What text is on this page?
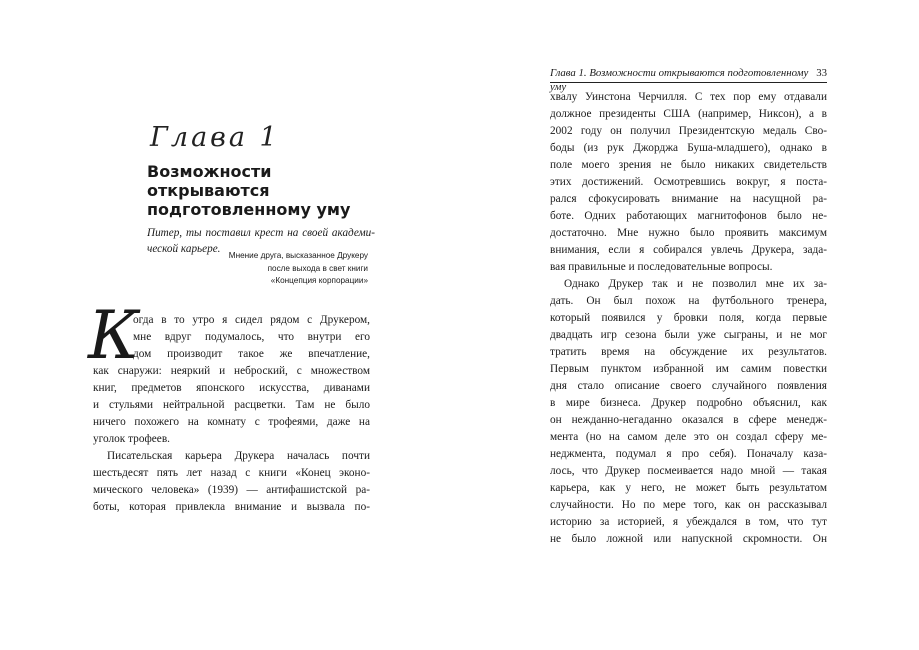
Глава 1
Возможности открываются
подготовленному уму
Питер, ты поставил крест на своей академи-
ческой карьере.
Мнение друга, высказанное Друкеру
после выхода в свет книги
«Концепция корпорации»
К
огда в то утро я сидел рядом с Друкером,
мне вдруг подумалось, что внутри его
дом производит такое же впечатление,
как снаружи: неяркий и неброский, с множеством
книг, предметов японского искусства, диванами
и стульями нейтральной расцветки. Там не было
ничего похожего на комнату с трофеями, даже на
уголок трофеев.
Писательская карьера Друкера началась почти
шестьдесят пять лет назад с книги «Конец эконо-
мического человека» (1939) — антифашистской ра-
боты, которая привлекла внимание и вызвала по-
Глава 1. Возможности открываются подготовленному уму
33
хвалу Уинстона Черчилля. С тех пор ему отдавали
должное президенты США (например, Никсон), а в
2002 году он получил Президентскую медаль Сво-
боды (из рук Джорджа Буша-младшего), однако в
поле моего зрения не было никаких свидетельств
этих достижений. Осмотревшись вокруг, я поста-
рался сфокусировать внимание на насущной ра-
боте. Одних работающих магнитофонов было не-
достаточно. Мне нужно было проявить максимум
внимания, если я собирался увлечь Друкера, зада-
вая правильные и последовательные вопросы.
Однако Друкер так и не позволил мне их за-
дать. Он был похож на футбольного тренера,
который появился у бровки поля, когда первые
двадцать игр сезона были уже сыграны, и не мог
тратить время на обсуждение их результатов.
Первым пунктом избранной им самим повестки
дня стало описание своего случайного появления
в мире бизнеса. Друкер подробно объяснил, как
он нежданно-негаданно оказался в сфере менедж-
мента (но на самом деле это он создал сферу ме-
неджмента, подумал я про себя). Поначалу каза-
лось, что Друкер посмеивается надо мной — такая
карьера, как у него, не может быть результатом
случайности. Но по мере того, как он рассказывал
историю за историей, я убеждался в том, что тут
не было ложной или напускной скромности. Он
